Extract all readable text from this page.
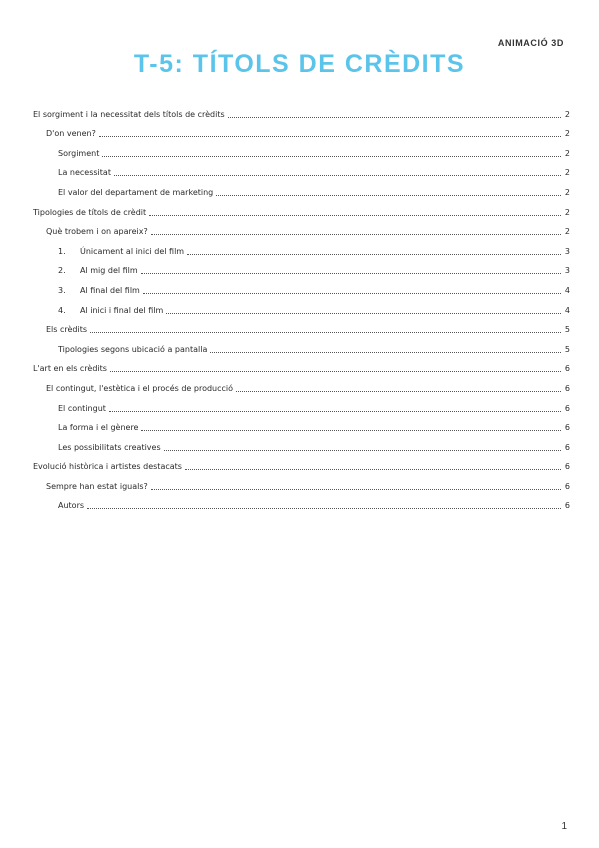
ANIMACIÓ 3D
T-5: TÍTOLS DE CRÈDITS
El sorgiment i la necessitat dels títols de crèdits	2
D'on venen?	2
Sorgiment	2
La necessitat	2
El valor del departament de marketing	2
Tipologies de títols de crèdit	2
Què trobem i on apareix?	2
1.	Únicament al inici del film	3
2.	Al mig del film	3
3.	Al final del film	4
4.	Al inici i final del film	4
Els crèdits	5
Tipologies segons ubicació a pantalla	5
L'art en els crèdits	6
El contingut, l'estètica i el procés de producció	6
El contingut	6
La forma i el gènere	6
Les possibilitats creatives	6
Evolució històrica i artistes destacats	6
Sempre han estat iguals?	6
Autors	6
1
